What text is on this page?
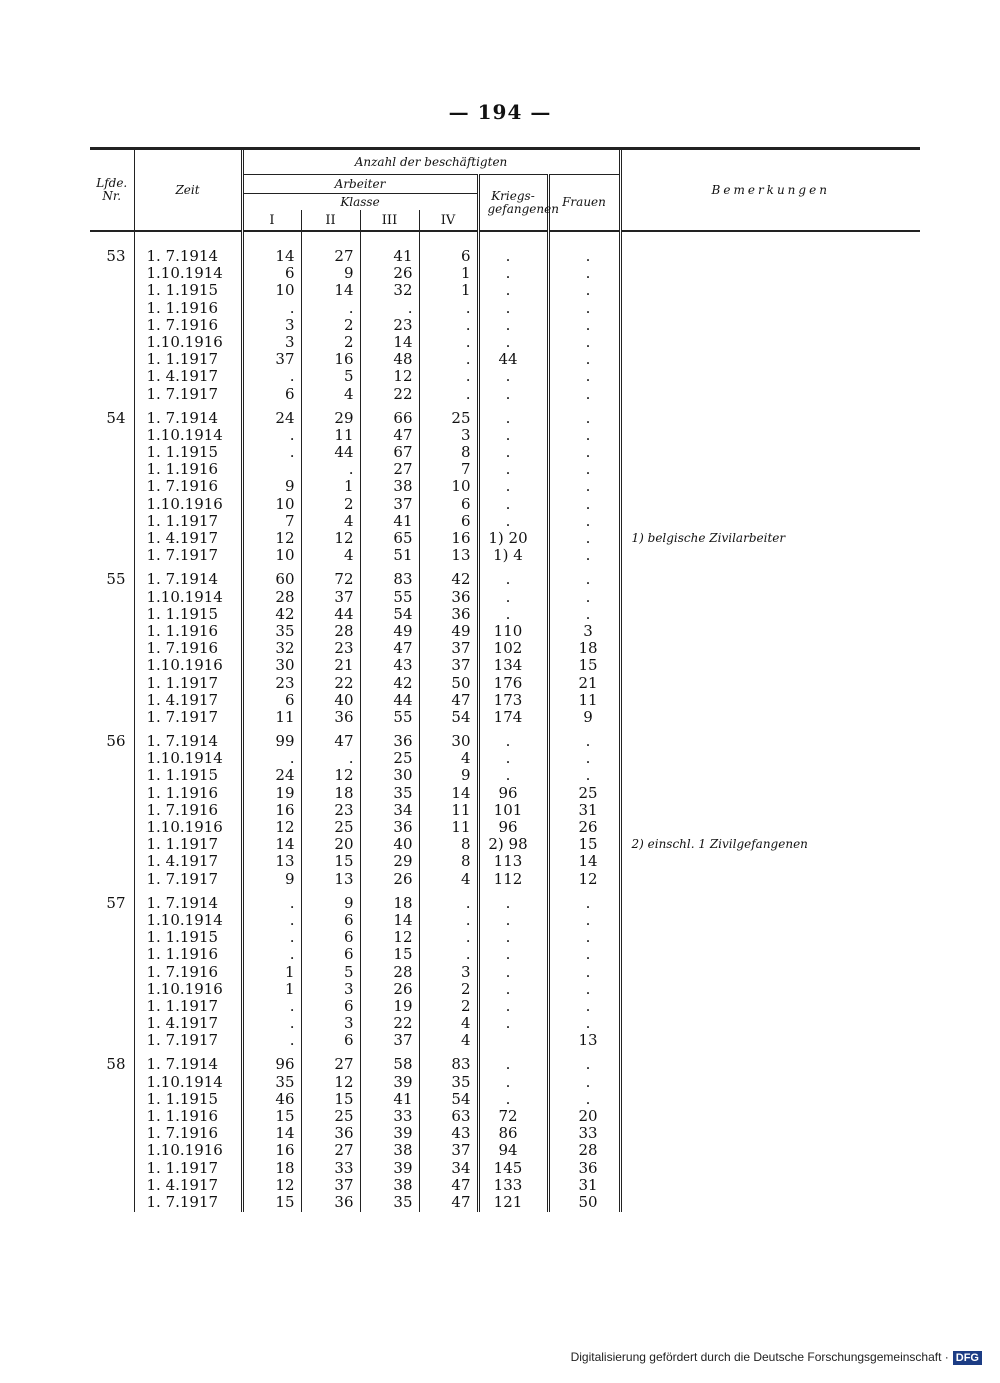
— 194 —

Lfde. Nr.	Zeit	Anzahl der beschäftigten						Bemerkungen
		Arbeiter				Kriegs-gefangenen	Frauen	
		Klasse						
		I	II	III	IV			

53	1. 7.1914	14	27	41	6	.	.	
	1.10.1914	6	9	26	1	.	.	
	1. 1.1915	10	14	32	1	.	.	
	1. 1.1916	.	.	.	.	.	.	
	1. 7.1916	3	2	23	.	.	.	
	1.10.1916	3	2	14	.	.	.	
	1. 1.1917	37	16	48	.	44	.	
	1. 4.1917	.	5	12	.	.	.	
	1. 7.1917	6	4	22	.	.	.	

54	1. 7.1914	24	29	66	25	.	.	
	1.10.1914	.	11	47	3	.	.	
	1. 1.1915	.	44	67	8	.	.	
	1. 1.1916		.	27	7	.	.	
	1. 7.1916	9	1	38	10	.	.	
	1.10.1916	10	2	37	6	.	.	
	1. 1.1917	7	4	41	6	.	.	
	1. 4.1917	12	12	65	16	1) 20	.	1) belgische Zivilarbeiter
	1. 7.1917	10	4	51	13	1) 4	.	

55	1. 7.1914	60	72	83	42	.	.	
	1.10.1914	28	37	55	36	.	.	
	1. 1.1915	42	44	54	36	.	.	
	1. 1.1916	35	28	49	49	110	3	
	1. 7.1916	32	23	47	37	102	18	
	1.10.1916	30	21	43	37	134	15	
	1. 1.1917	23	22	42	50	176	21	
	1. 4.1917	6	40	44	47	173	11	
	1. 7.1917	11	36	55	54	174	9	

56	1. 7.1914	99	47	36	30	.	.	
	1.10.1914	.	.	25	4	.	.	
	1. 1.1915	24	12	30	9	.	.	
	1. 1.1916	19	18	35	14	96	25	
	1. 7.1916	16	23	34	11	101	31	
	1.10.1916	12	25	36	11	96	26	
	1. 1.1917	14	20	40	8	2) 98	15	2) einschl. 1 Zivilgefangenen
	1. 4.1917	13	15	29	8	113	14	
	1. 7.1917	9	13	26	4	112	12	

57	1. 7.1914	.	9	18	.	.	.	
	1.10.1914	.	6	14	.	.	.	
	1. 1.1915	.	6	12	.	.	.	
	1. 1.1916	.	6	15	.	.	.	
	1. 7.1916	1	5	28	3	.	.	
	1.10.1916	1	3	26	2	.	.	
	1. 1.1917	.	6	19	2	.	.	
	1. 4.1917	.	3	22	4	.	.	
	1. 7.1917	.	6	37	4		13	

58	1. 7.1914	96	27	58	83	.	.	
	1.10.1914	35	12	39	35	.	.	
	1. 1.1915	46	15	41	54	.	.	
	1. 1.1916	15	25	33	63	72	20	
	1. 7.1916	14	36	39	43	86	33	
	1.10.1916	16	27	38	37	94	28	
	1. 1.1917	18	33	39	34	145	36	
	1. 4.1917	12	37	38	47	133	31	
	1. 7.1917	15	36	35	47	121	50	
Digitalisierung gefördert durch die Deutsche Forschungsgemeinschaft · DFG
